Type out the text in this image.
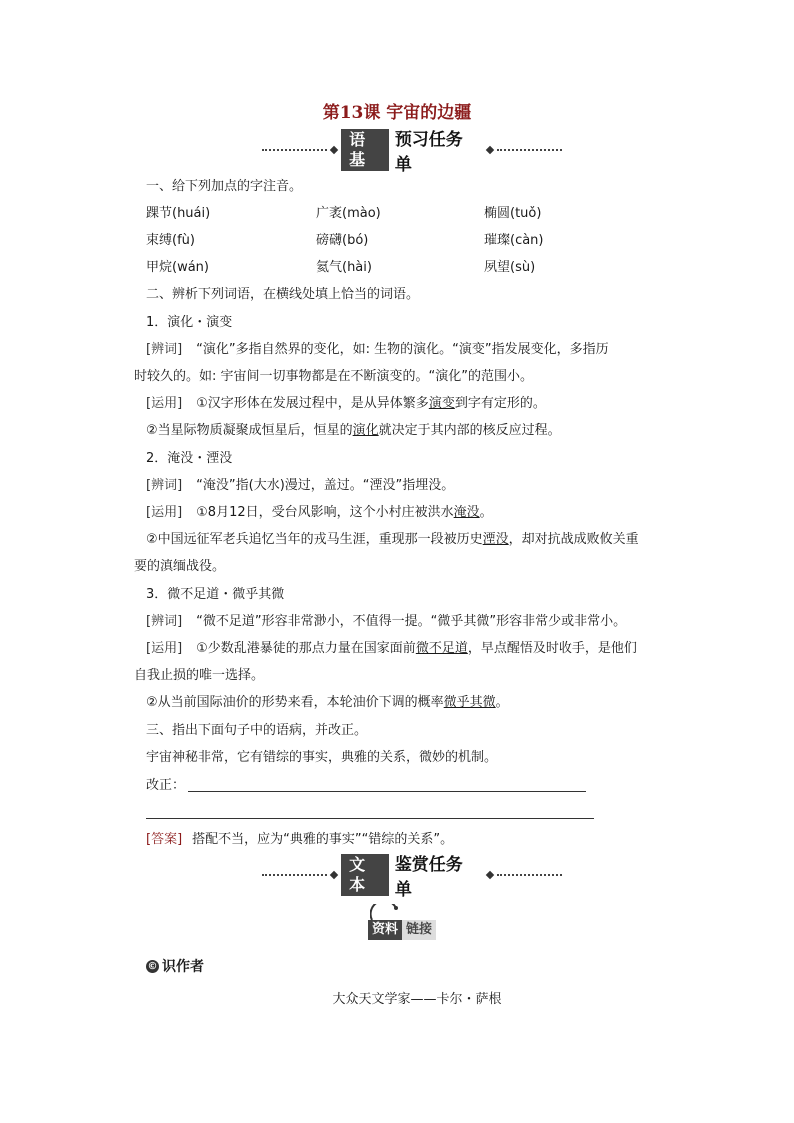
第13课 宇宙的边疆
语基
预习任务单
一、给下列加点的字注音。
踝节(huái)	广袤(mào)	椭圆(tuǒ)
束缚(fù)	磅礴(bó)	璀璨(càn)
甲烷(wán)	氦气(hài)	夙望(sù)
二、辨析下列词语，在横线处填上恰当的词语。
1．演化・演变
[辨词] “演化”多指自然界的变化，如: 生物的演化。“演变”指发展变化，多指历
时较久的。如: 宇宙间一切事物都是在不断演变的。“演化”的范围小。
[运用] ①汉字形体在发展过程中，是从异体繁多演变到字有定形的。
②当星际物质凝聚成恒星后，恒星的演化就决定于其内部的核反应过程。
2．淹没・湮没
[辨词] “淹没”指(大水)漫过，盖过。“湮没”指埋没。
[运用] ①8月12日，受台风影响，这个小村庄被洪水淹没。
②中国远征军老兵追忆当年的戎马生涯，重现那一段被历史湮没，却对抗战成败攸关重
要的滇缅战役。
3．微不足道・微乎其微
[辨词] “微不足道”形容非常渺小，不值得一提。“微乎其微”形容非常少或非常小。
[运用] ①少数乱港暴徒的那点力量在国家面前微不足道，早点醒悟及时收手，是他们
自我止损的唯一选择。
②从当前国际油价的形势来看，本轮油价下调的概率微乎其微。
三、指出下面句子中的语病，并改正。
宇宙神秘非常，它有错综的事实，典雅的关系，微妙的机制。
改正：
[答案] 搭配不当，应为“典雅的事实”“错综的关系”。
文本
鉴赏任务单
资料 链接
© 识作者
大众天文学家——卡尔・萨根
